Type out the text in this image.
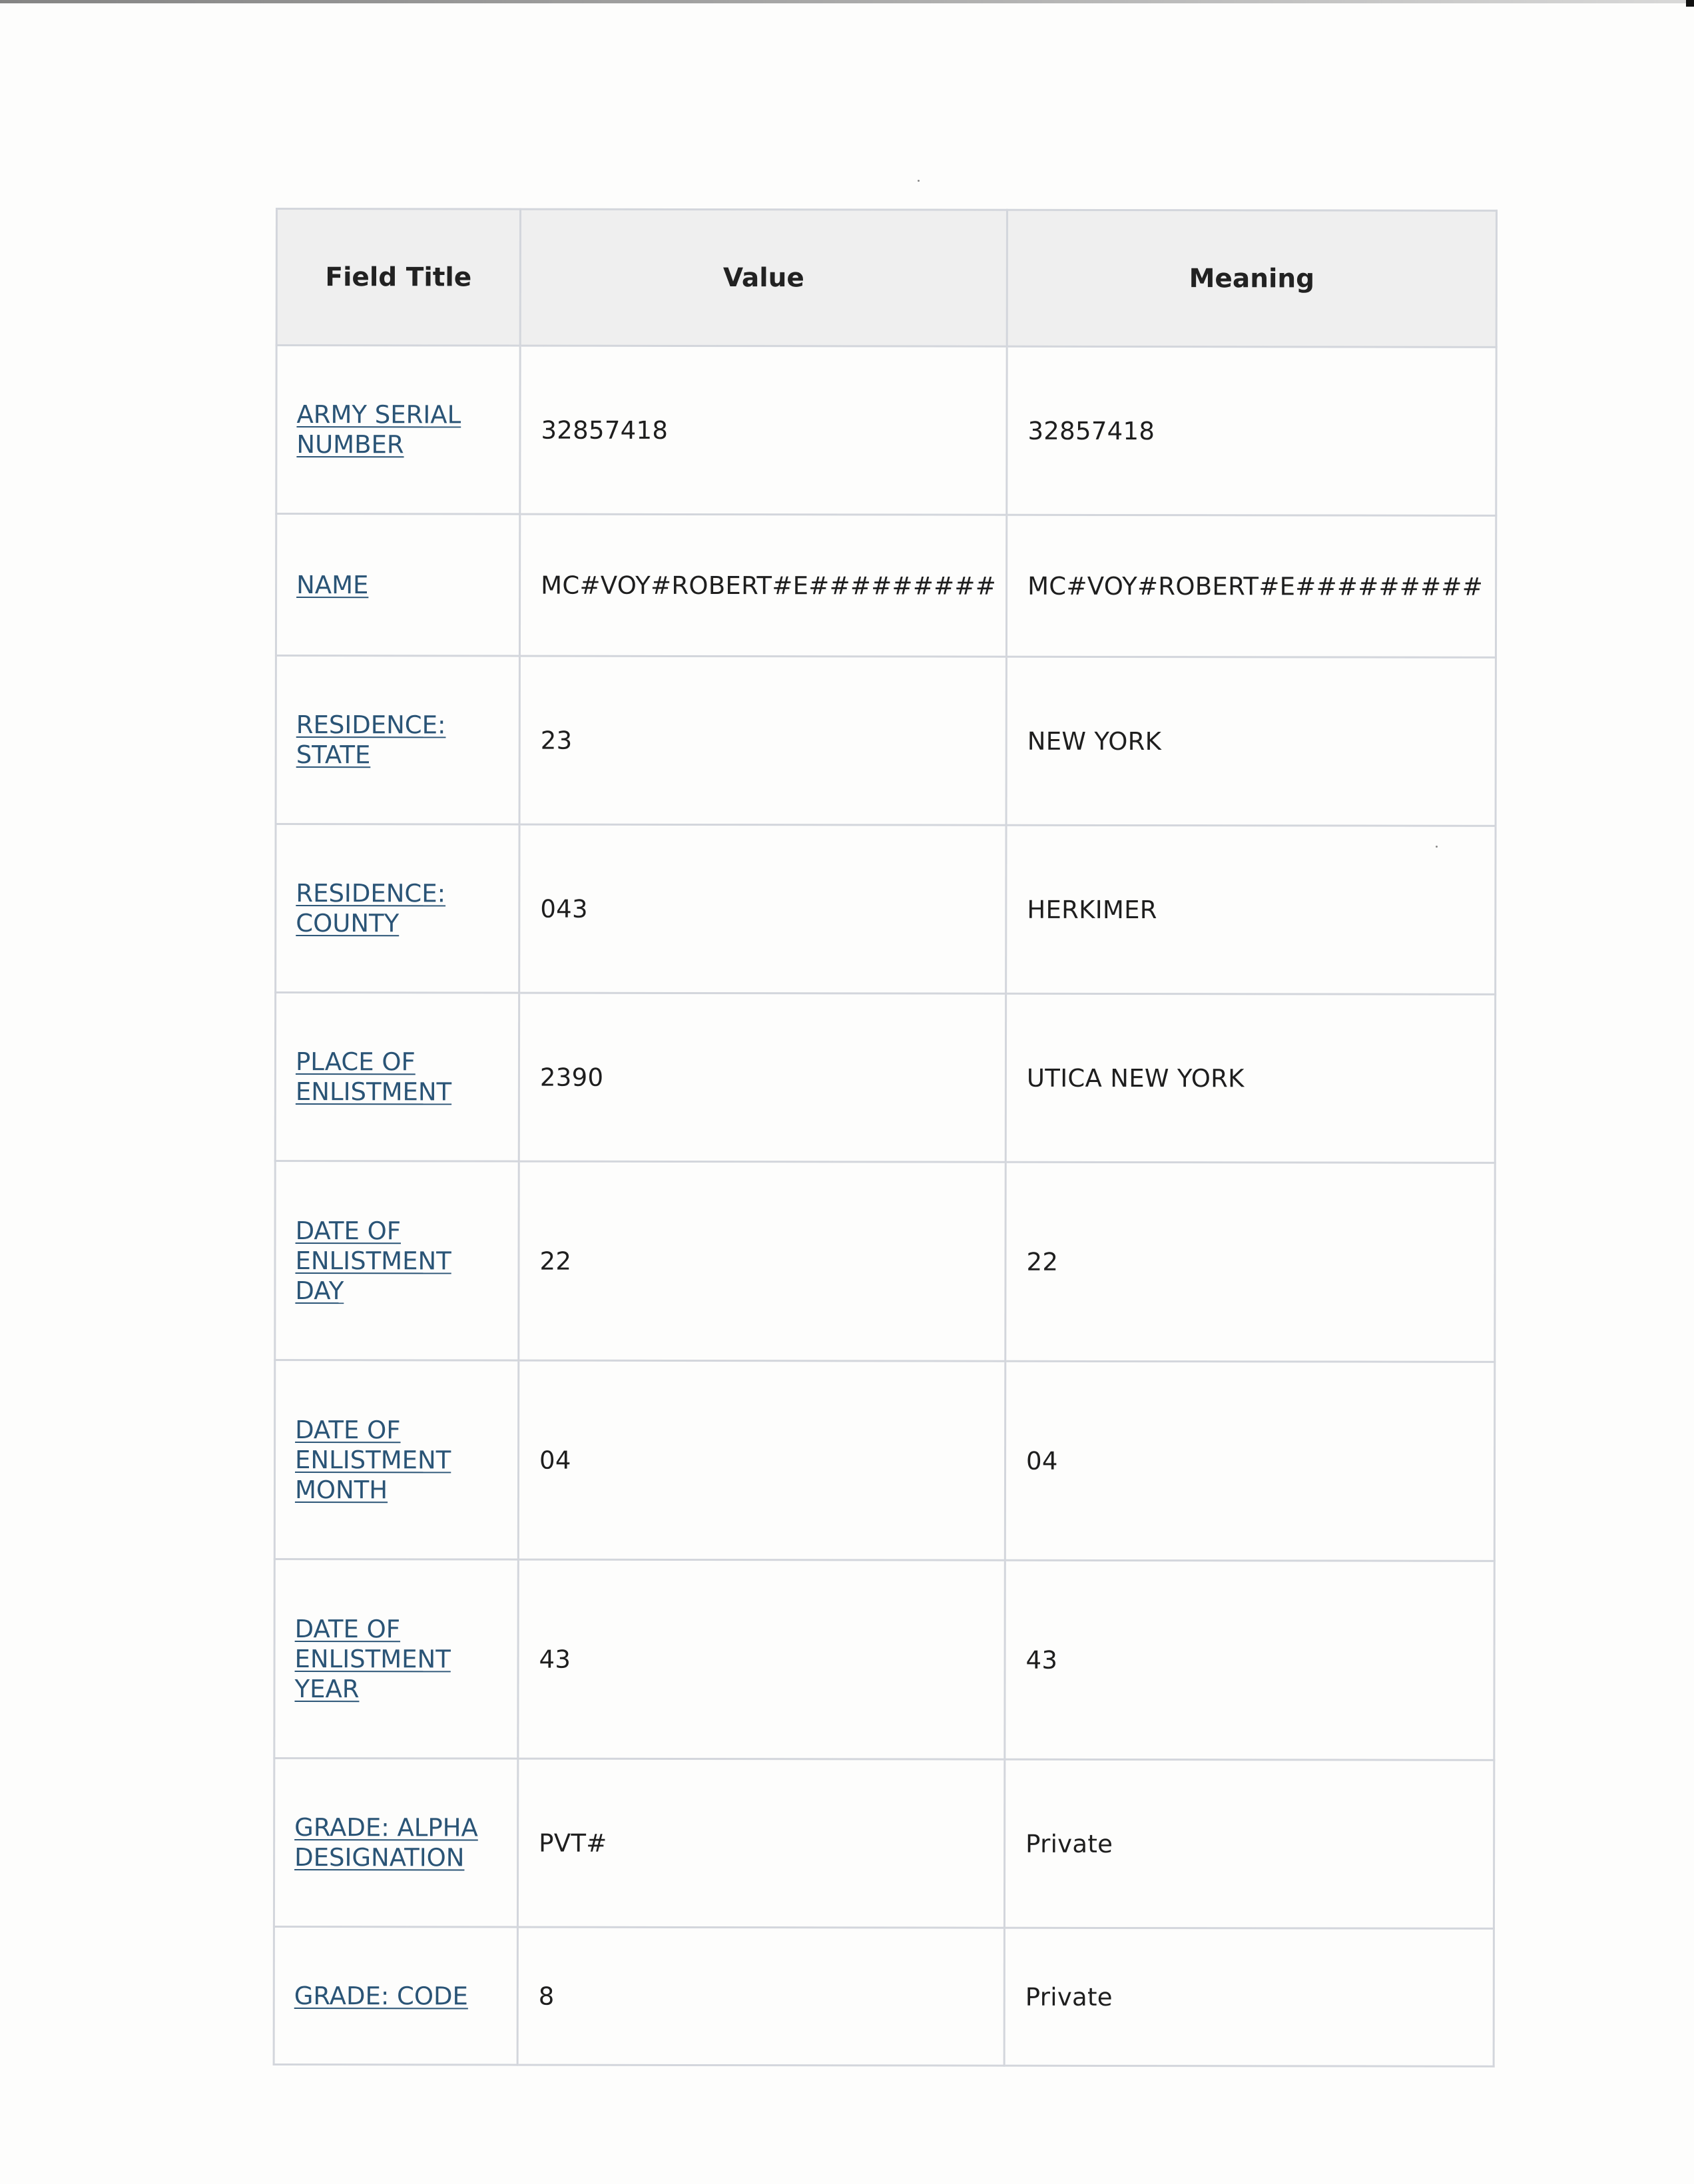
Field Title	Value	Meaning

ARMY SERIAL
NUMBER	32857418	32857418

NAME	MC#VOY#ROBERT#E#########	MC#VOY#ROBERT#E#########

RESIDENCE:
STATE	23	NEW YORK

RESIDENCE:
COUNTY	043	HERKIMER

PLACE OF
ENLISTMENT	2390	UTICA NEW YORK

DATE OF
ENLISTMENT
DAY	22	22

DATE OF
ENLISTMENT
MONTH	04	04

DATE OF
ENLISTMENT
YEAR	43	43

GRADE: ALPHA
DESIGNATION	PVT#	Private

GRADE: CODE	8	Private
